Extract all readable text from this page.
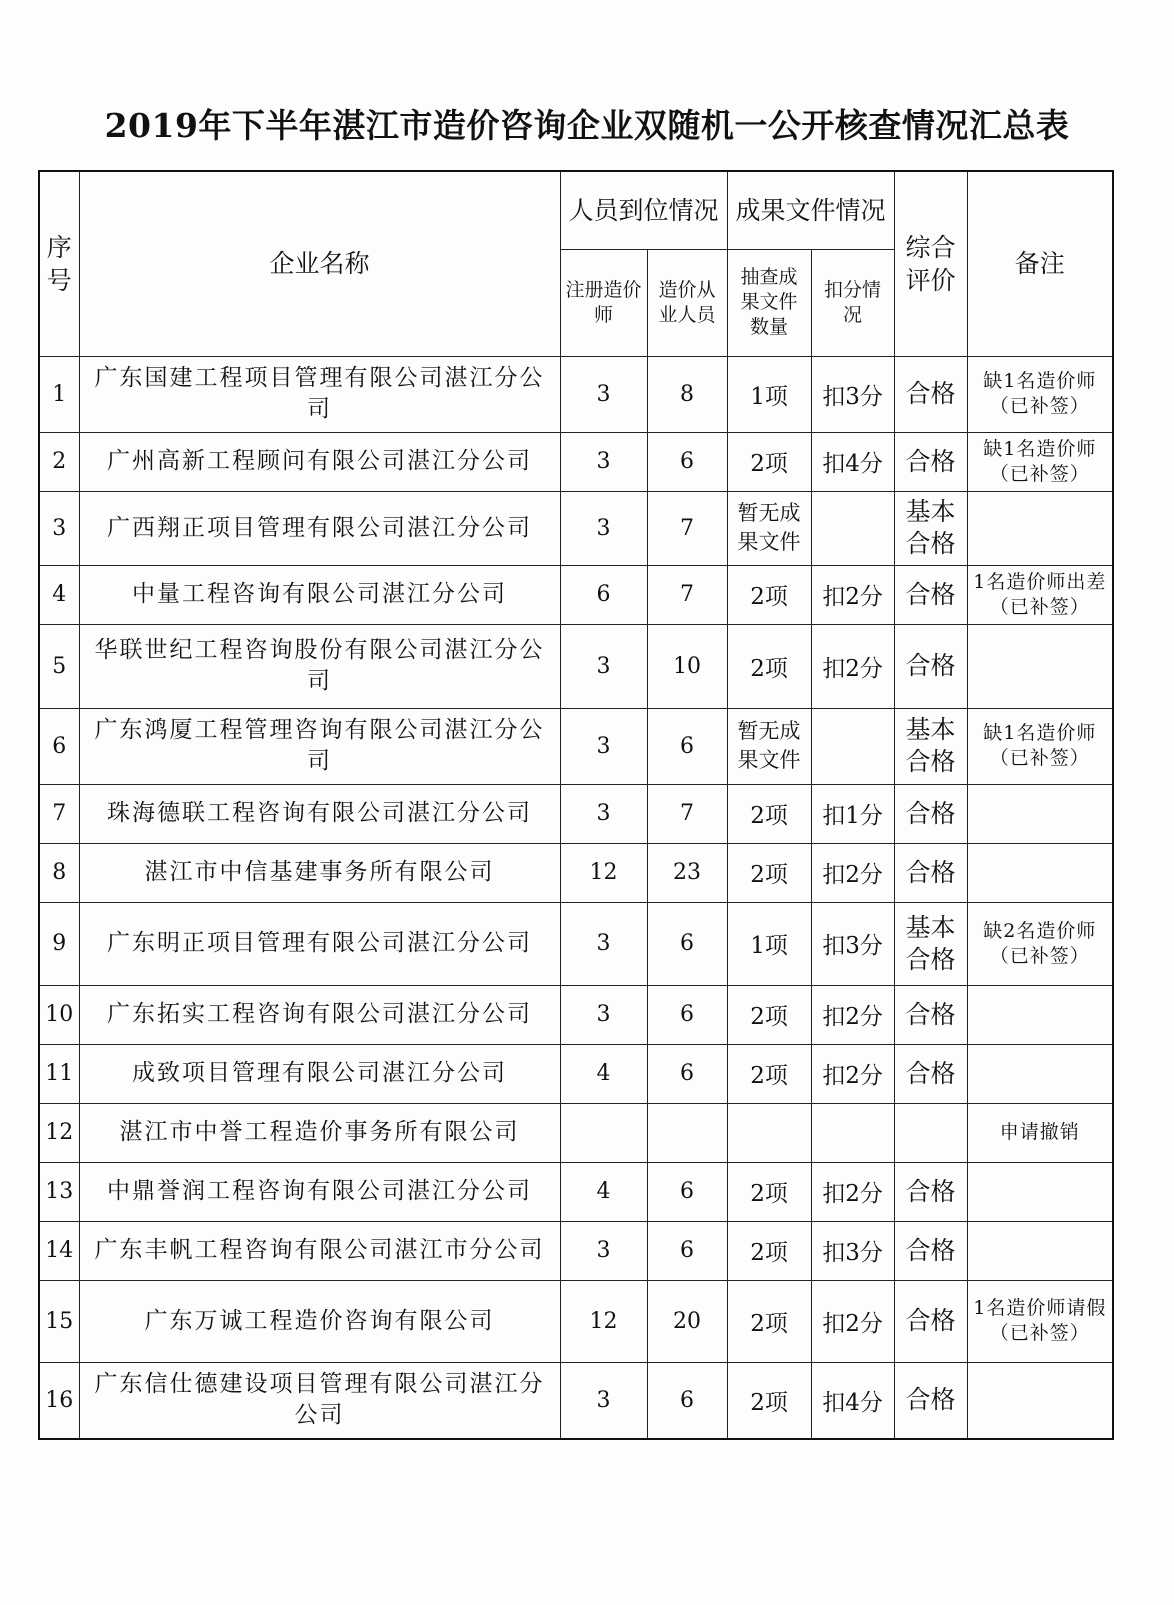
2019年下半年湛江市造价咨询企业双随机一公开核查情况汇总表
序号	企业名称	人员到位情况		成果文件情况		综合评价	备注
		注册造价师	造价从业人员	抽查成果文件数量	扣分情况		
1	广东国建工程项目管理有限公司湛江分公司	3	8	1项	扣3分	合格	缺1名造价师（已补签）
2	广州高新工程顾问有限公司湛江分公司	3	6	2项	扣4分	合格	缺1名造价师（已补签）
3	广西翔正项目管理有限公司湛江分公司	3	7	暂无成果文件		基本合格	
4	中量工程咨询有限公司湛江分公司	6	7	2项	扣2分	合格	1名造价师出差（已补签）
5	华联世纪工程咨询股份有限公司湛江分公司	3	10	2项	扣2分	合格	
6	广东鸿厦工程管理咨询有限公司湛江分公司	3	6	暂无成果文件		基本合格	缺1名造价师（已补签）
7	珠海德联工程咨询有限公司湛江分公司	3	7	2项	扣1分	合格	
8	湛江市中信基建事务所有限公司	12	23	2项	扣2分	合格	
9	广东明正项目管理有限公司湛江分公司	3	6	1项	扣3分	基本合格	缺2名造价师（已补签）
10	广东拓实工程咨询有限公司湛江分公司	3	6	2项	扣2分	合格	
11	成致项目管理有限公司湛江分公司	4	6	2项	扣2分	合格	
12	湛江市中誉工程造价事务所有限公司						申请撤销
13	中鼎誉润工程咨询有限公司湛江分公司	4	6	2项	扣2分	合格	
14	广东丰帆工程咨询有限公司湛江市分公司	3	6	2项	扣3分	合格	
15	广东万诚工程造价咨询有限公司	12	20	2项	扣2分	合格	1名造价师请假（已补签）
16	广东信仕德建设项目管理有限公司湛江分公司	3	6	2项	扣4分	合格	
